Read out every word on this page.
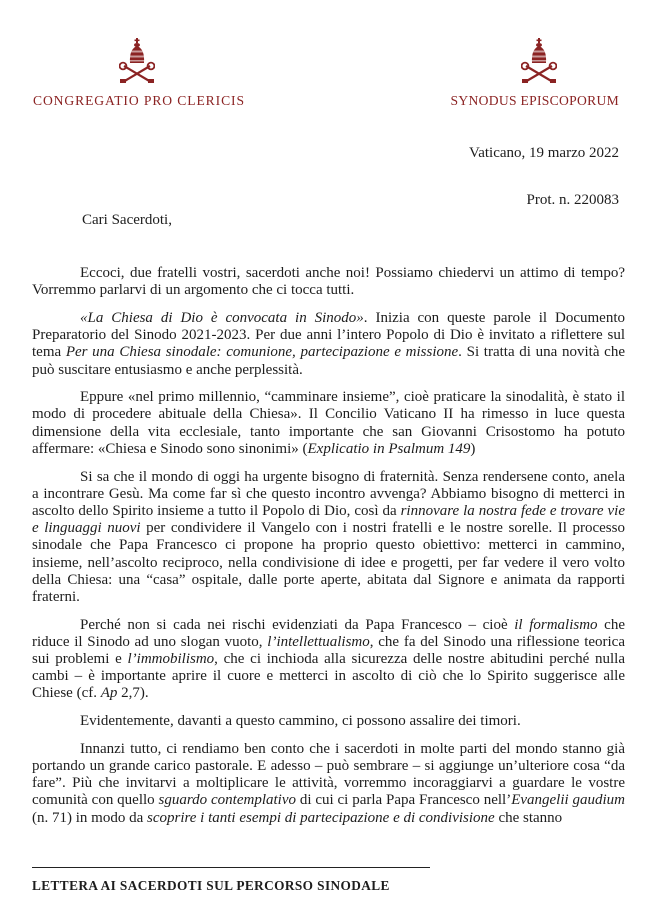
CONGREGATIO PRO CLERICIS	SYNODUS EPISCOPORUM
Vaticano, 19 marzo 2022
Prot. n. 220083
Cari Sacerdoti,

Eccoci, due fratelli vostri, sacerdoti anche noi! Possiamo chiedervi un attimo di tempo? Vorremmo parlarvi di un argomento che ci tocca tutti.

«La Chiesa di Dio è convocata in Sinodo». Inizia con queste parole il Documento Preparatorio del Sinodo 2021-2023. Per due anni l’intero Popolo di Dio è invitato a riflettere sul tema Per una Chiesa sinodale: comunione, partecipazione e missione. Si tratta di una novità che può suscitare entusiasmo e anche perplessità.

Eppure «nel primo millennio, “camminare insieme”, cioè praticare la sinodalità, è stato il modo di procedere abituale della Chiesa». Il Concilio Vaticano II ha rimesso in luce questa dimensione della vita ecclesiale, tanto importante che san Giovanni Crisostomo ha potuto affermare: «Chiesa e Sinodo sono sinonimi» (Explicatio in Psalmum 149)

Si sa che il mondo di oggi ha urgente bisogno di fraternità. Senza rendersene conto, anela a incontrare Gesù. Ma come far sì che questo incontro avvenga? Abbiamo bisogno di metterci in ascolto dello Spirito insieme a tutto il Popolo di Dio, così da rinnovare la nostra fede e trovare vie e linguaggi nuovi per condividere il Vangelo con i nostri fratelli e le nostre sorelle. Il processo sinodale che Papa Francesco ci propone ha proprio questo obiettivo: metterci in cammino, insieme, nell’ascolto reciproco, nella condivisione di idee e progetti, per far vedere il vero volto della Chiesa: una “casa” ospitale, dalle porte aperte, abitata dal Signore e animata da rapporti fraterni.

Perché non si cada nei rischi evidenziati da Papa Francesco – cioè il formalismo che riduce il Sinodo ad uno slogan vuoto, l’intellettualismo, che fa del Sinodo una riflessione teorica sui problemi e l’immobilismo, che ci inchioda alla sicurezza delle nostre abitudini perché nulla cambi – è importante aprire il cuore e metterci in ascolto di ciò che lo Spirito suggerisce alle Chiese (cf. Ap 2,7).

Evidentemente, davanti a questo cammino, ci possono assalire dei timori.

Innanzi tutto, ci rendiamo ben conto che i sacerdoti in molte parti del mondo stanno già portando un grande carico pastorale. E adesso – può sembrare – si aggiunge un’ulteriore cosa “da fare”. Più che invitarvi a moltiplicare le attività, vorremmo incoraggiarvi a guardare le vostre comunità con quello sguardo contemplativo di cui ci parla Papa Francesco nell’Evangelii gaudium (n. 71) in modo da scoprire i tanti esempi di partecipazione e di condivisione che stanno

LETTERA AI SACERDOTI SUL PERCORSO SINODALE
